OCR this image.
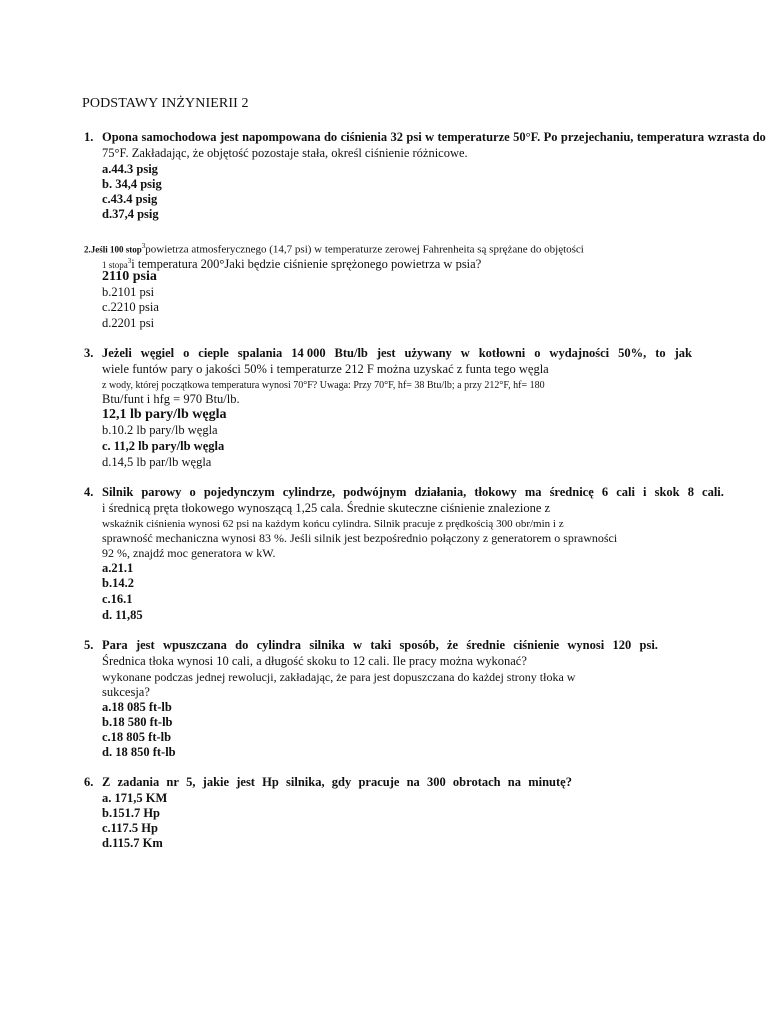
PODSTAWY INŻYNIERII 2
1. Opona samochodowa jest napompowana do ciśnienia 32 psi w temperaturze 50°F. Po przejechaniu, temperatura wzrasta do
75°F. Zakładając, że objętość pozostaje stała, określ ciśnienie różnicowe.
a.44.3 psig
b. 34,4 psig
c.43.4 psig
d.37,4 psig
2.Jeśli 100 stop$^3$powietrza atmosferycznego (14,7 psi) w temperaturze zerowej Fahrenheita są sprężane do objętości
1 stopa$^3$i temperatura 200°Jaki będzie ciśnienie sprężonego powietrza w psia?
2110 psia
b.2101 psi
c.2210 psia
d.2201 psi
3. Jeżeli węgiel o cieple spalania 14 000 Btu/lb jest używany w kotłowni o wydajności 50%, to jak
wiele funtów pary o jakości 50% i temperaturze 212 F można uzyskać z funta tego węgla
z wody, której początkowa temperatura wynosi 70°F? Uwaga: Przy 70°F, hf= 38 Btu/lb; a przy 212°F, hf= 180
Btu/funt i hfg = 970 Btu/lb.
12,1 lb pary/lb węgla
b.10.2 lb pary/lb węgla
c. 11,2 lb pary/lb węgla
d.14,5 lb par/lb węgla
4. Silnik parowy o pojedynczym cylindrze, podwójnym działania, tłokowy ma średnicę 6 cali i skok 8 cali.
i średnicą pręta tłokowego wynoszącą 1,25 cala. Średnie skuteczne ciśnienie znalezione z
wskaźnik ciśnienia wynosi 62 psi na każdym końcu cylindra. Silnik pracuje z prędkością 300 obr/min i z
sprawność mechaniczna wynosi 83 %. Jeśli silnik jest bezpośrednio połączony z generatorem o sprawności
92 %, znajdź moc generatora w kW.
a.21.1
b.14.2
c.16.1
d. 11,85
5. Para jest wpuszczana do cylindra silnika w taki sposób, że średnie ciśnienie wynosi 120 psi.
Średnica tłoka wynosi 10 cali, a długość skoku to 12 cali. Ile pracy można wykonać?
wykonane podczas jednej rewolucji, zakładając, że para jest dopuszczana do każdej strony tłoka w
sukcesja?
a.18 085 ft-lb
b.18 580 ft-lb
c.18 805 ft-lb
d. 18 850 ft-lb
6. Z zadania nr 5, jakie jest Hp silnika, gdy pracuje na 300 obrotach na minutę?
a. 171,5 KM
b.151.7 Hp
c.117.5 Hp
d.115.7 Km
